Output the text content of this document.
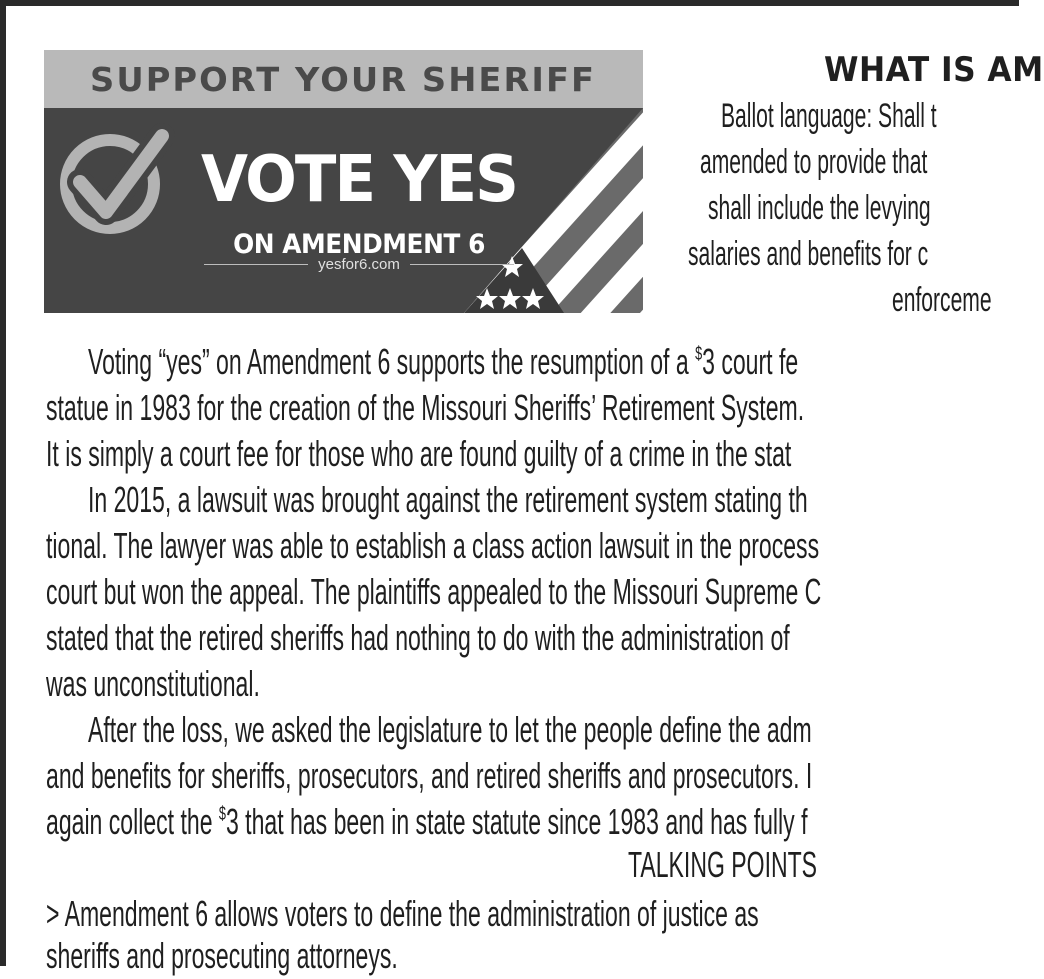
SUPPORT YOUR SHERIFF
VOTE YES
ON AMENDMENT 6
yesfor6.com
WHAT IS AM
Ballot language: Shall t
amended to provide that
shall include the levying
salaries and benefits for c
enforceme
Voting “yes” on Amendment 6 supports the resumption of a $3 court fe
statue in 1983 for the creation of the Missouri Sheriffs’ Retirement System.
It is simply a court fee for those who are found guilty of a crime in the stat
In 2015, a lawsuit was brought against the retirement system stating th
tional. The lawyer was able to establish a class action lawsuit in the process
court but won the appeal. The plaintiffs appealed to the Missouri Supreme C
stated that the retired sheriffs had nothing to do with the administration of
was unconstitutional.
After the loss, we asked the legislature to let the people define the adm
and benefits for sheriffs, prosecutors, and retired sheriffs and prosecutors. I
again collect the $3 that has been in state statute since 1983 and has fully f
TALKING POINTS
> Amendment 6 allows voters to define the administration of justice as
sheriffs and prosecuting attorneys.
